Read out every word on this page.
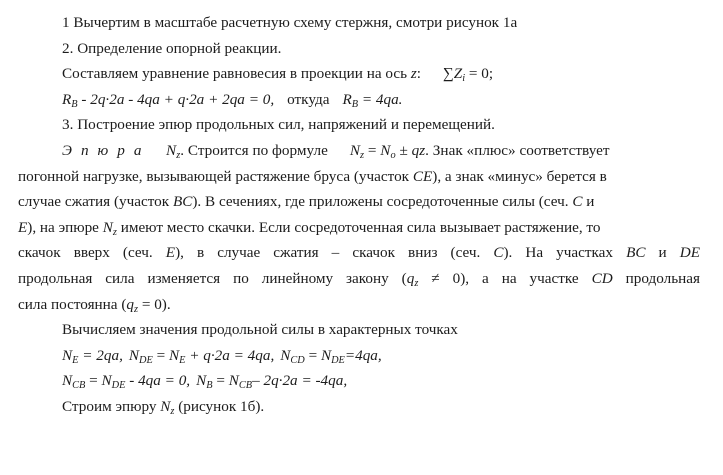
1 Вычертим в масштабе расчетную схему стержня, смотри рисунок 1а
2. Определение опорной реакции.
Составляем уравнение равновесия в проекции на ось z: $\sum Z_i = 0$;
$R_B - 2q\cdot 2a - 4qa + q\cdot 2a + 2qa = 0$, откуда $R_B = 4qa$.
3. Построение эпюр продольных сил, напряжений и перемещений.
Э п ю р а $N_z$. Строится по формуле $N_z = N_o$ ± qz. Знак «плюс» соответствует
погонной нагрузке, вызывающей растяжение бруса (участок CE), а знак «минус» берется в
случае сжатия (участок BC). В сечениях, где приложены сосредоточенные силы (сеч. C и
E), на эпюре $N_z$ имеют место скачки. Если сосредоточенная сила вызывает растяжение, то
скачок вверх (сеч. E), в случае сжатия – скачок вниз (сеч. C). На участках BC и DE
продольная сила изменяется по линейному закону $(q_z \ne 0)$, а на участке CD продольная
сила постоянна $(q_z = 0)$.
Вычисляем значения продольной силы в характерных точках
$N_E = 2qa$, $N_{DE} = N_E + q\cdot 2a = 4qa$, $N_{CD} = N_{DE}=4qa$,
$N_{CB} = N_{DE} - 4qa = 0$, $N_B = N_{CB}-$ 2q·2a = -4qa,
Строим эпюру $N_z$ (рисунок 1б).
